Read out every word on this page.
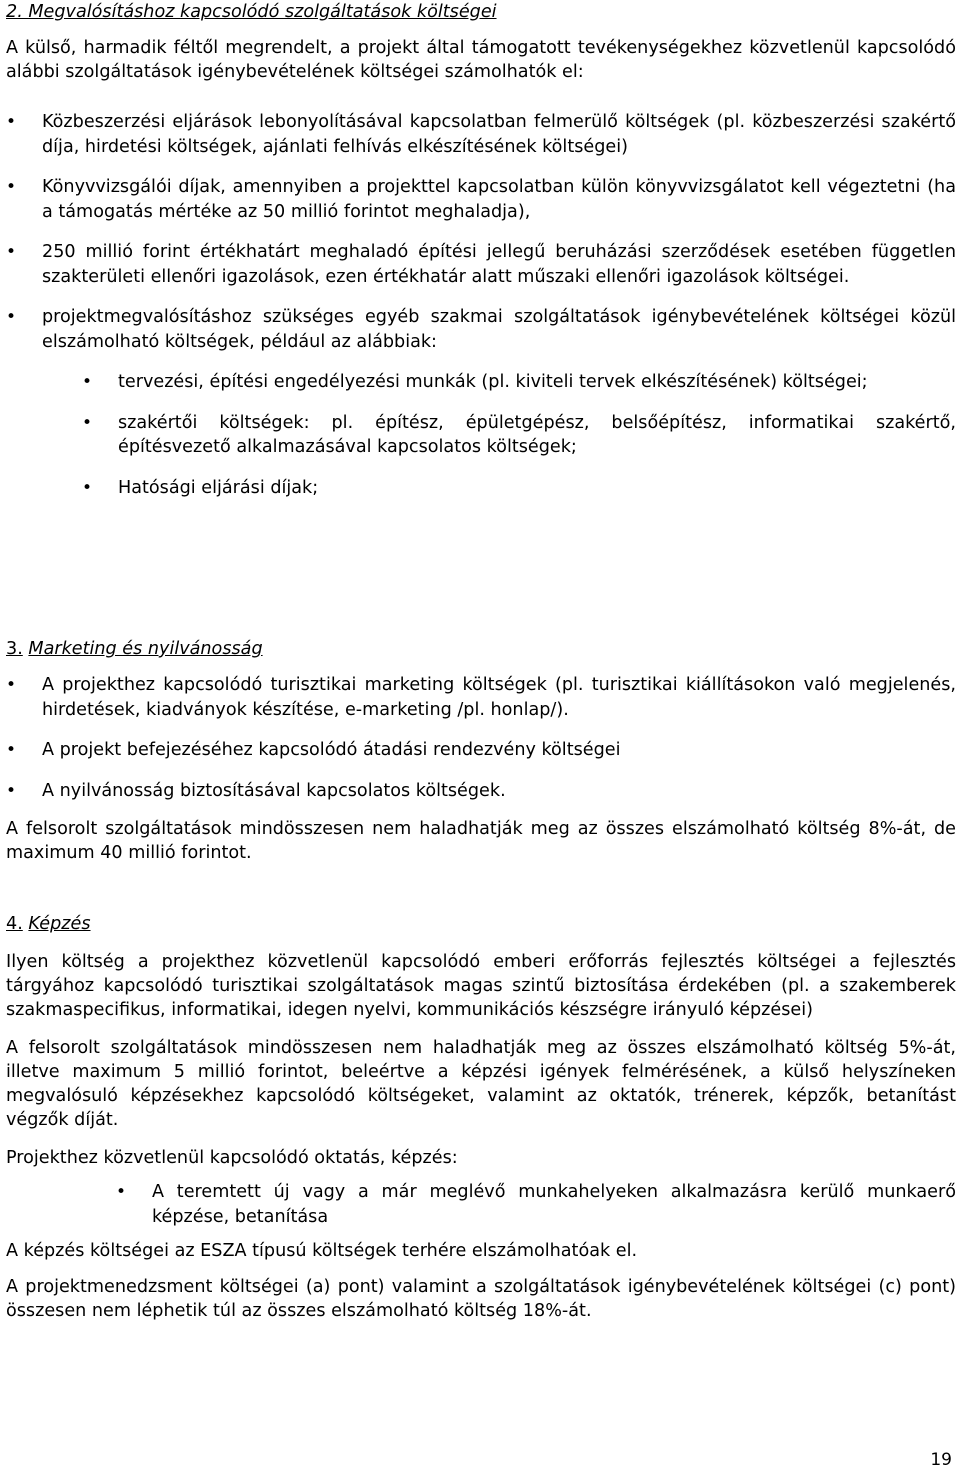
2. Megvalósításhoz kapcsolódó szolgáltatások költségei

A külső, harmadik féltől megrendelt, a projekt által támogatott tevékenységekhez közvetlenül kapcsolódó alábbi szolgáltatások igénybevételének költségei számolhatók el:

• Közbeszerzési eljárások lebonyolításával kapcsolatban felmerülő költségek (pl. közbeszerzési szakértő díja, hirdetési költségek, ajánlati felhívás elkészítésének költségei)
• Könyvvizsgálói díjak, amennyiben a projekttel kapcsolatban külön könyvvizsgálatot kell végeztetni (ha a támogatás mértéke az 50 millió forintot meghaladja),
• 250 millió forint értékhatárt meghaladó építési jellegű beruházási szerződések esetében független szakterületi ellenőri igazolások, ezen értékhatár alatt műszaki ellenőri igazolások költségei.
• projektmegvalósításhoz szükséges egyéb szakmai szolgáltatások igénybevételének költségei közül elszámolható költségek, például az alábbiak:
• tervezési, építési engedélyezési munkák (pl. kiviteli tervek elkészítésének) költségei;
• szakértői költségek: pl. építész, épületgépész, belsőépítész, informatikai szakértő, építésvezető alkalmazásával kapcsolatos költségek;
• Hatósági eljárási díjak;
3. Marketing és nyilvánosság
• A projekthez kapcsolódó turisztikai marketing költségek (pl. turisztikai kiállításokon való megjelenés, hirdetések, kiadványok készítése, e-marketing /pl. honlap/).
• A projekt befejezéséhez kapcsolódó átadási rendezvény költségei
• A nyilvánosság biztosításával kapcsolatos költségek.

A felsorolt szolgáltatások mindösszesen nem haladhatják meg az összes elszámolható költség 8%-át, de maximum 40 millió forintot.

4. Képzés

Ilyen költség a projekthez közvetlenül kapcsolódó emberi erőforrás fejlesztés költségei a fejlesztés tárgyához kapcsolódó turisztikai szolgáltatások magas szintű biztosítása érdekében (pl. a szakemberek szakmaspecifikus, informatikai, idegen nyelvi, kommunikációs készségre irányuló képzései)

A felsorolt szolgáltatások mindösszesen nem haladhatják meg az összes elszámolható költség 5%-át, illetve maximum 5 millió forintot, beleértve a képzési igények felmérésének, a külső helyszíneken megvalósuló képzésekhez kapcsolódó költségeket, valamint az oktatók, trénerek, képzők, betanítást végzők díját.

Projekthez közvetlenül kapcsolódó oktatás, képzés:

• A teremtett új vagy a már meglévő munkahelyeken alkalmazásra kerülő munkaerő képzése, betanítása

A képzés költségei az ESZA típusú költségek terhére elszámolhatóak el.

A projektmenedzsment költségei (a) pont) valamint a szolgáltatások igénybevételének költségei (c) pont) összesen nem léphetik túl az összes elszámolható költség 18%-át.

19
